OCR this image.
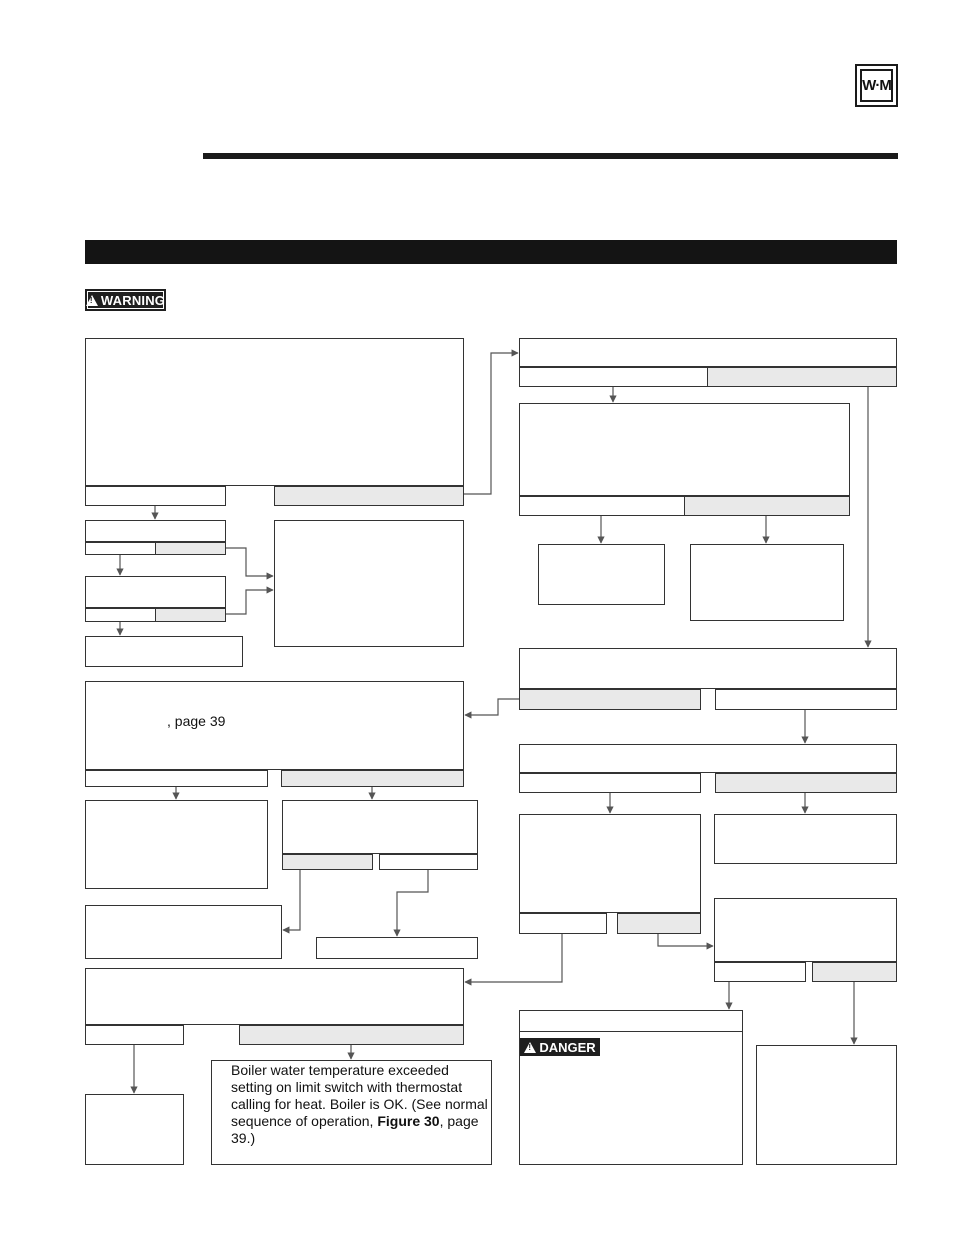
W·M
!
WARNING
, page 39
Boiler water temperature exceeded setting on limit switch with thermostat calling for heat. Boiler is OK. (See normal sequence of operation, Figure 30, page 39.)
!
DANGER
